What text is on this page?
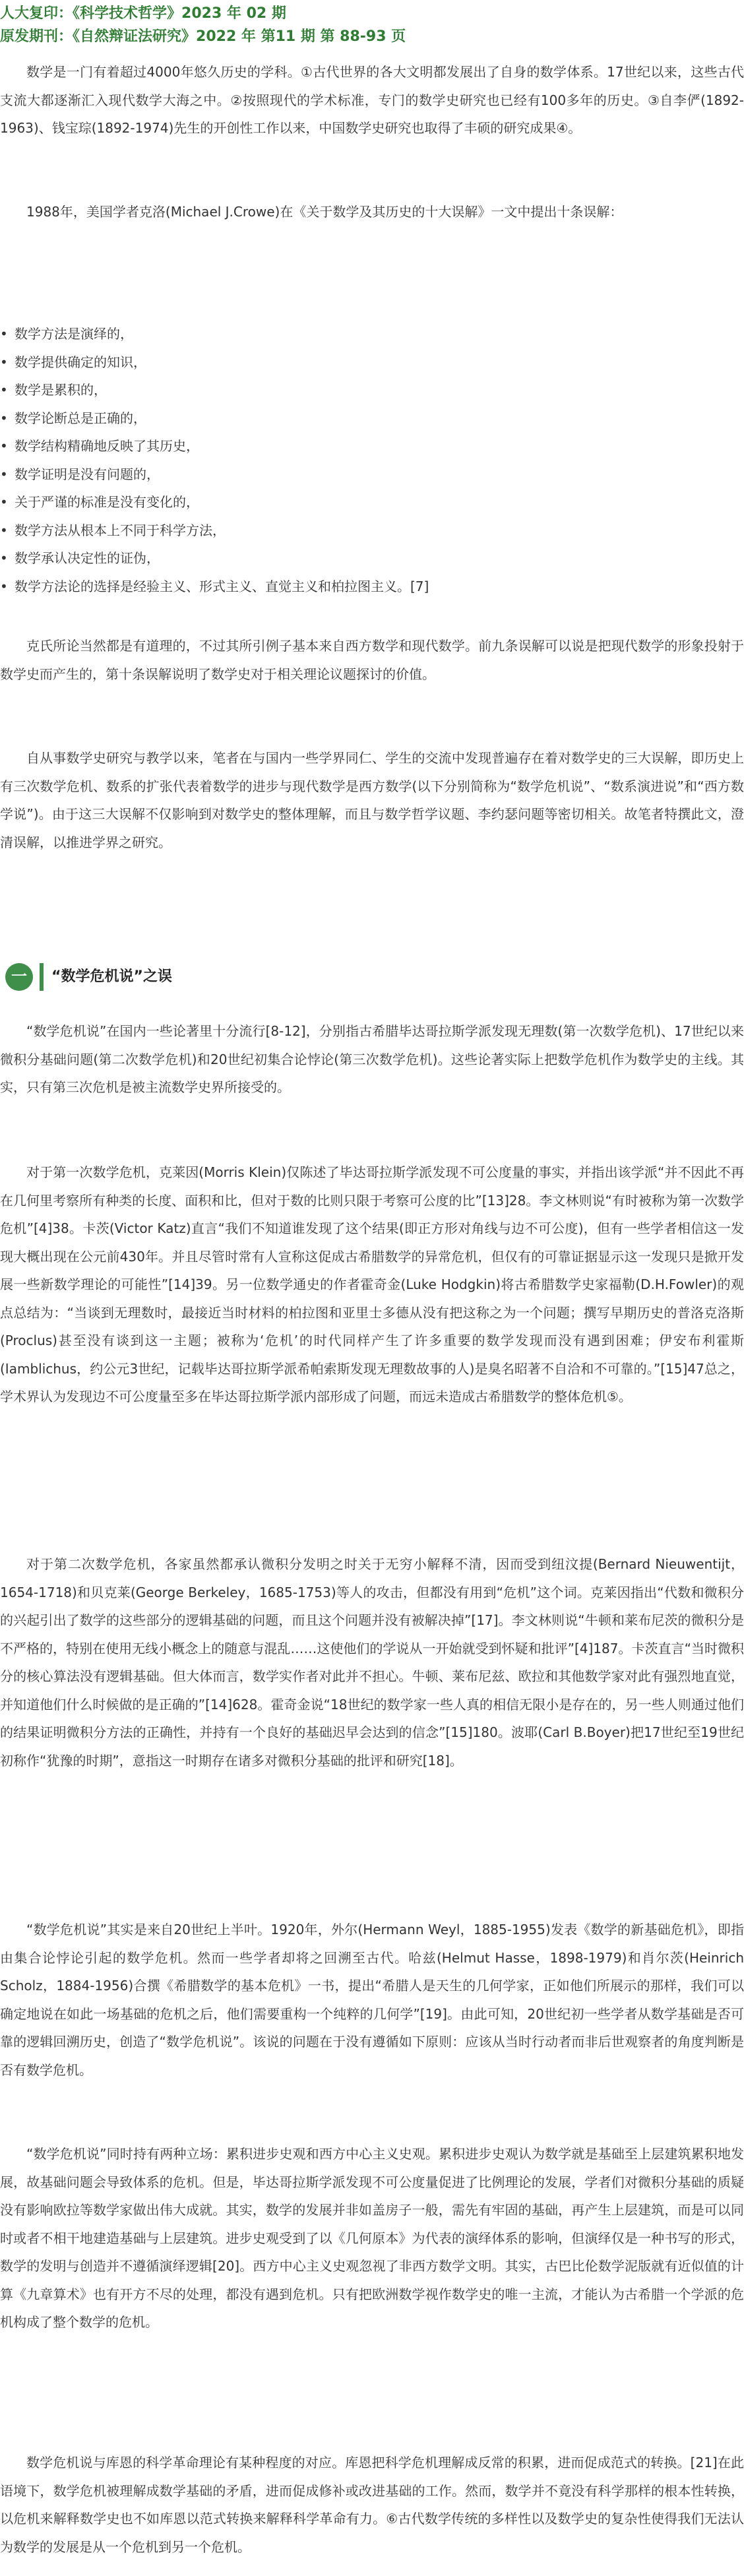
人大复印：《科学技术哲学》2023 年 02 期
原发期刊：《自然辩证法研究》2022 年 第11 期 第 88-93 页

数学是一门有着超过4000年悠久历史的学科。①古代世界的各大文明都发展出了自身的数学体系。17世纪以来，这些古代支流大都逐渐汇入现代数学大海之中。②按照现代的学术标准，专门的数学史研究也已经有100多年的历史。③自李俨(1892-1963)、钱宝琮(1892-1974)先生的开创性工作以来，中国数学史研究也取得了丰硕的研究成果④。

1988年，美国学者克洛(Michael J.Crowe)在《关于数学及其历史的十大误解》一文中提出十条误解：

• 数学方法是演绎的，
• 数学提供确定的知识，
• 数学是累积的，
• 数学论断总是正确的，
• 数学结构精确地反映了其历史，
• 数学证明是没有问题的，
• 关于严谨的标准是没有变化的，
• 数学方法从根本上不同于科学方法，
• 数学承认决定性的证伪，
• 数学方法论的选择是经验主义、形式主义、直觉主义和柏拉图主义。[7]

克氏所论当然都是有道理的，不过其所引例子基本来自西方数学和现代数学。前九条误解可以说是把现代数学的形象投射于数学史而产生的，第十条误解说明了数学史对于相关理论议题探讨的价值。

自从事数学史研究与教学以来，笔者在与国内一些学界同仁、学生的交流中发现普遍存在着对数学史的三大误解，即历史上有三次数学危机、数系的扩张代表着数学的进步与现代数学是西方数学(以下分别简称为“数学危机说”、“数系演进说”和“西方数学说”)。由于这三大误解不仅影响到对数学史的整体理解，而且与数学哲学议题、李约瑟问题等密切相关。故笔者特撰此文，澄清误解，以推进学界之研究。

一	“数学危机说”之误

“数学危机说”在国内一些论著里十分流行[8-12]，分别指古希腊毕达哥拉斯学派发现无理数(第一次数学危机)、17世纪以来微积分基础问题(第二次数学危机)和20世纪初集合论悖论(第三次数学危机)。这些论著实际上把数学危机作为数学史的主线。其实，只有第三次危机是被主流数学史界所接受的。

对于第一次数学危机，克莱因(Morris Klein)仅陈述了毕达哥拉斯学派发现不可公度量的事实，并指出该学派“并不因此不再在几何里考察所有种类的长度、面积和比，但对于数的比则只限于考察可公度的比”[13]28。李文林则说“有时被称为第一次数学危机”[4]38。卡茨(Victor Katz)直言“我们不知道谁发现了这个结果(即正方形对角线与边不可公度)，但有一些学者相信这一发现大概出现在公元前430年。并且尽管时常有人宣称这促成古希腊数学的异常危机，但仅有的可靠证据显示这一发现只是掀开发展一些新数学理论的可能性”[14]39。另一位数学通史的作者霍奇金(Luke Hodgkin)将古希腊数学史家福勒(D.H.Fowler)的观点总结为：“当谈到无理数时，最接近当时材料的柏拉图和亚里士多德从没有把这称之为一个问题；撰写早期历史的普洛克洛斯(Proclus)甚至没有谈到这一主题；被称为‘危机’的时代同样产生了许多重要的数学发现而没有遇到困难；伊安布利霍斯(Iamblichus，约公元3世纪，记载毕达哥拉斯学派希帕索斯发现无理数故事的人)是臭名昭著不自洽和不可靠的。”[15]47总之，学术界认为发现边不可公度量至多在毕达哥拉斯学派内部形成了问题，而远未造成古希腊数学的整体危机⑤。

对于第二次数学危机，各家虽然都承认微积分发明之时关于无穷小解释不清，因而受到纽汶提(Bernard Nieuwentijt，1654-1718)和贝克莱(George Berkeley，1685-1753)等人的攻击，但都没有用到“危机”这个词。克莱因指出“代数和微积分的兴起引出了数学的这些部分的逻辑基础的问题，而且这个问题并没有被解决掉”[17]。李文林则说“牛顿和莱布尼茨的微积分是不严格的，特别在使用无线小概念上的随意与混乱……这使他们的学说从一开始就受到怀疑和批评”[4]187。卡茨直言“当时微积分的核心算法没有逻辑基础。但大体而言，数学实作者对此并不担心。牛顿、莱布尼兹、欧拉和其他数学家对此有强烈地直觉，并知道他们什么时候做的是正确的”[14]628。霍奇金说“18世纪的数学家一些人真的相信无限小是存在的，另一些人则通过他们的结果证明微积分方法的正确性，并持有一个良好的基础迟早会达到的信念”[15]180。波耶(Carl B.Boyer)把17世纪至19世纪初称作“犹豫的时期”，意指这一时期存在诸多对微积分基础的批评和研究[18]。

“数学危机说”其实是来自20世纪上半叶。1920年，外尔(Hermann Weyl，1885-1955)发表《数学的新基础危机》，即指由集合论悖论引起的数学危机。然而一些学者却将之回溯至古代。哈兹(Helmut Hasse，1898-1979)和肖尔茨(Heinrich Scholz，1884-1956)合撰《希腊数学的基本危机》一书，提出“希腊人是天生的几何学家，正如他们所展示的那样，我们可以确定地说在如此一场基础的危机之后，他们需要重构一个纯粹的几何学”[19]。由此可知，20世纪初一些学者从数学基础是否可靠的逻辑回溯历史，创造了“数学危机说”。该说的问题在于没有遵循如下原则：应该从当时行动者而非后世观察者的角度判断是否有数学危机。

“数学危机说”同时持有两种立场：累积进步史观和西方中心主义史观。累积进步史观认为数学就是基础至上层建筑累积地发展，故基础问题会导致体系的危机。但是，毕达哥拉斯学派发现不可公度量促进了比例理论的发展，学者们对微积分基础的质疑没有影响欧拉等数学家做出伟大成就。其实，数学的发展并非如盖房子一般，需先有牢固的基础，再产生上层建筑，而是可以同时或者不相干地建造基础与上层建筑。进步史观受到了以《几何原本》为代表的演绎体系的影响，但演绎仅是一种书写的形式，数学的发明与创造并不遵循演绎逻辑[20]。西方中心主义史观忽视了非西方数学文明。其实，古巴比伦数学泥版就有近似值的计算《九章算术》也有开方不尽的处理，都没有遇到危机。只有把欧洲数学视作数学史的唯一主流，才能认为古希腊一个学派的危机构成了整个数学的危机。

数学危机说与库恩的科学革命理论有某种程度的对应。库恩把科学危机理解成反常的积累，进而促成范式的转换。[21]在此语境下，数学危机被理解成数学基础的矛盾，进而促成修补或改进基础的工作。然而，数学并不竟没有科学那样的根本性转换，以危机来解释数学史也不如库恩以范式转换来解释科学革命有力。⑥古代数学传统的多样性以及数学史的复杂性使得我们无法认为数学的发展是从一个危机到另一个危机。
